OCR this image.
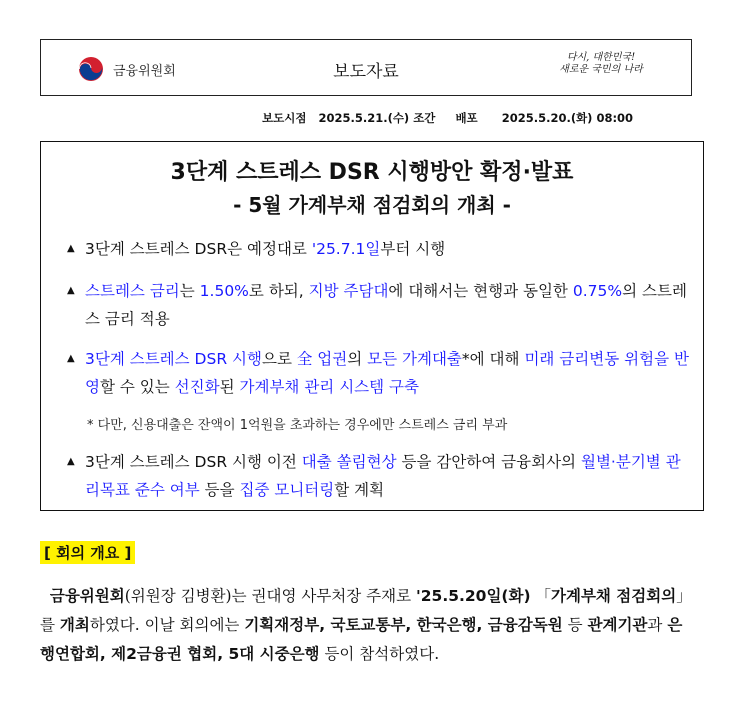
금융위원회	보도자료
다시, 대한민국!
새로운 국민의 나라
보도시점 2025.5.21.(수) 조간 배포 2025.5.20.(화) 08:00
3단계 스트레스 DSR 시행방안 확정·발표
- 5월 가계부채 점검회의 개최 -
▲ 3단계 스트레스 DSR은 예정대로 '25.7.1일부터 시행
▲ 스트레스 금리는 1.50%로 하되, 지방 주담대에 대해서는 현행과 동일한 0.75%의 스트레스 금리 적용
▲ 3단계 스트레스 DSR 시행으로 全 업권의 모든 가계대출*에 대해 미래 금리변동 위험을 반영할 수 있는 선진화된 가계부채 관리 시스템 구축
* 다만, 신용대출은 잔액이 1억원을 초과하는 경우에만 스트레스 금리 부과
▲ 3단계 스트레스 DSR 시행 이전 대출 쏠림현상 등을 감안하여 금융회사의 월별·분기별 관리목표 준수 여부 등을 집중 모니터링할 계획
[ 회의 개요 ]
금융위원회(위원장 김병환)는 권대영 사무처장 주재로 '25.5.20일(화) 「가계부채 점검회의」를 개최하였다. 이날 회의에는 기획재정부, 국토교통부, 한국은행, 금융감독원 등 관계기관과 은행연합회, 제2금융권 협회, 5대 시중은행 등이 참석하였다.
